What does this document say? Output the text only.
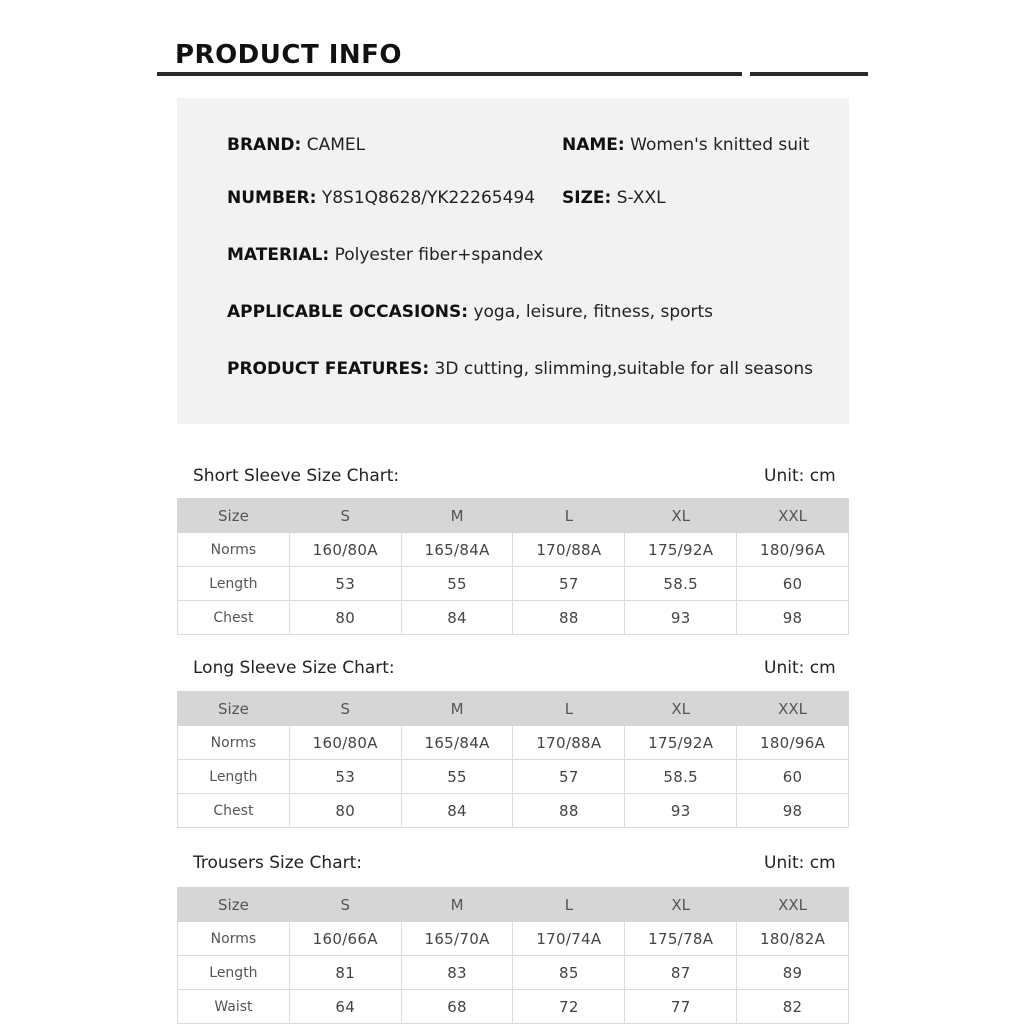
PRODUCT INFO
BRAND: CAMEL	NAME: Women's knitted suit
NUMBER: Y8S1Q8628/YK22265494 SIZE: S-XXL
MATERIAL: Polyester fiber+spandex
APPLICABLE OCCASIONS: yoga, leisure, fitness, sports
PRODUCT FEATURES: 3D cutting, slimming,suitable for all seasons
Short Sleeve Size Chart:	Unit: cm
Size	S	M	L	XL	XXL
Norms	160/80A	165/84A	170/88A	175/92A	180/96A
Length	53	55	57	58.5	60
Chest	80	84	88	93	98
Long Sleeve Size Chart:	Unit: cm
Size	S	M	L	XL	XXL
Norms	160/80A	165/84A	170/88A	175/92A	180/96A
Length	53	55	57	58.5	60
Chest	80	84	88	93	98
Trousers Size Chart:	Unit: cm
Size	S	M	L	XL	XXL
Norms	160/66A	165/70A	170/74A	175/78A	180/82A
Length	81	83	85	87	89
Waist	64	68	72	77	82
